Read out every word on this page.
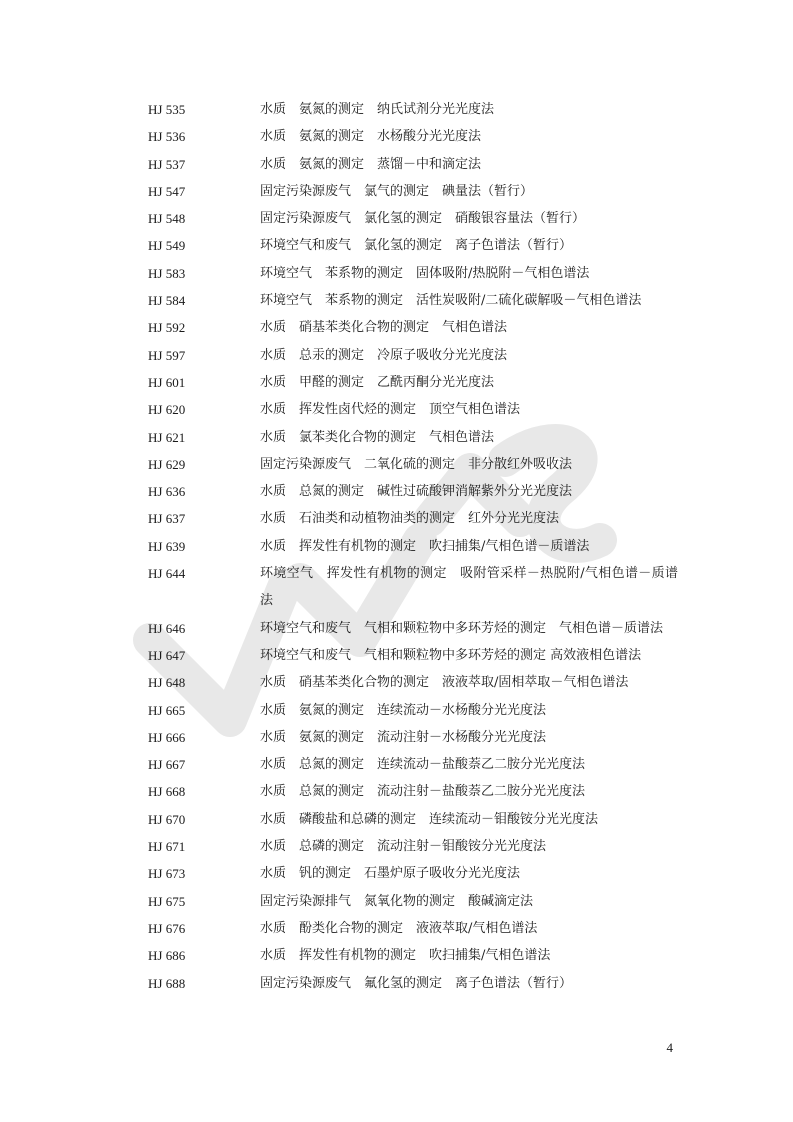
HJ 535	水质　氨氮的测定　纳氏试剂分光光度法
HJ 536	水质　氨氮的测定　水杨酸分光光度法
HJ 537	水质　氨氮的测定　蒸馏－中和滴定法
HJ 547	固定污染源废气　氯气的测定　碘量法（暂行）
HJ 548	固定污染源废气　氯化氢的测定　硝酸银容量法（暂行）
HJ 549	环境空气和废气　氯化氢的测定　离子色谱法（暂行）
HJ 583	环境空气　苯系物的测定　固体吸附/热脱附－气相色谱法
HJ 584	环境空气　苯系物的测定　活性炭吸附/二硫化碳解吸－气相色谱法
HJ 592	水质　硝基苯类化合物的测定　气相色谱法
HJ 597	水质　总汞的测定　冷原子吸收分光光度法
HJ 601	水质　甲醛的测定　乙酰丙酮分光光度法
HJ 620	水质　挥发性卤代烃的测定　顶空气相色谱法
HJ 621	水质　氯苯类化合物的测定　气相色谱法
HJ 629	固定污染源废气　二氧化硫的测定　非分散红外吸收法
HJ 636	水质　总氮的测定　碱性过硫酸钾消解紫外分光光度法
HJ 637	水质　石油类和动植物油类的测定　红外分光光度法
HJ 639	水质　挥发性有机物的测定　吹扫捕集/气相色谱－质谱法
HJ 644	环境空气　挥发性有机物的测定　吸附管采样－热脱附/气相色谱－质谱法
HJ 646	环境空气和废气　气相和颗粒物中多环芳烃的测定　气相色谱－质谱法
HJ 647	环境空气和废气　气相和颗粒物中多环芳烃的测定 高效液相色谱法
HJ 648	水质　硝基苯类化合物的测定　液液萃取/固相萃取－气相色谱法
HJ 665	水质　氨氮的测定　连续流动－水杨酸分光光度法
HJ 666	水质　氨氮的测定　流动注射－水杨酸分光光度法
HJ 667	水质　总氮的测定　连续流动－盐酸萘乙二胺分光光度法
HJ 668	水质　总氮的测定　流动注射－盐酸萘乙二胺分光光度法
HJ 670	水质　磷酸盐和总磷的测定　连续流动－钼酸铵分光光度法
HJ 671	水质　总磷的测定　流动注射－钼酸铵分光光度法
HJ 673	水质　钒的测定　石墨炉原子吸收分光光度法
HJ 675	固定污染源排气　氮氧化物的测定　酸碱滴定法
HJ 676	水质　酚类化合物的测定　液液萃取/气相色谱法
HJ 686	水质　挥发性有机物的测定　吹扫捕集/气相色谱法
HJ 688	固定污染源废气　氟化氢的测定　离子色谱法（暂行）
4
